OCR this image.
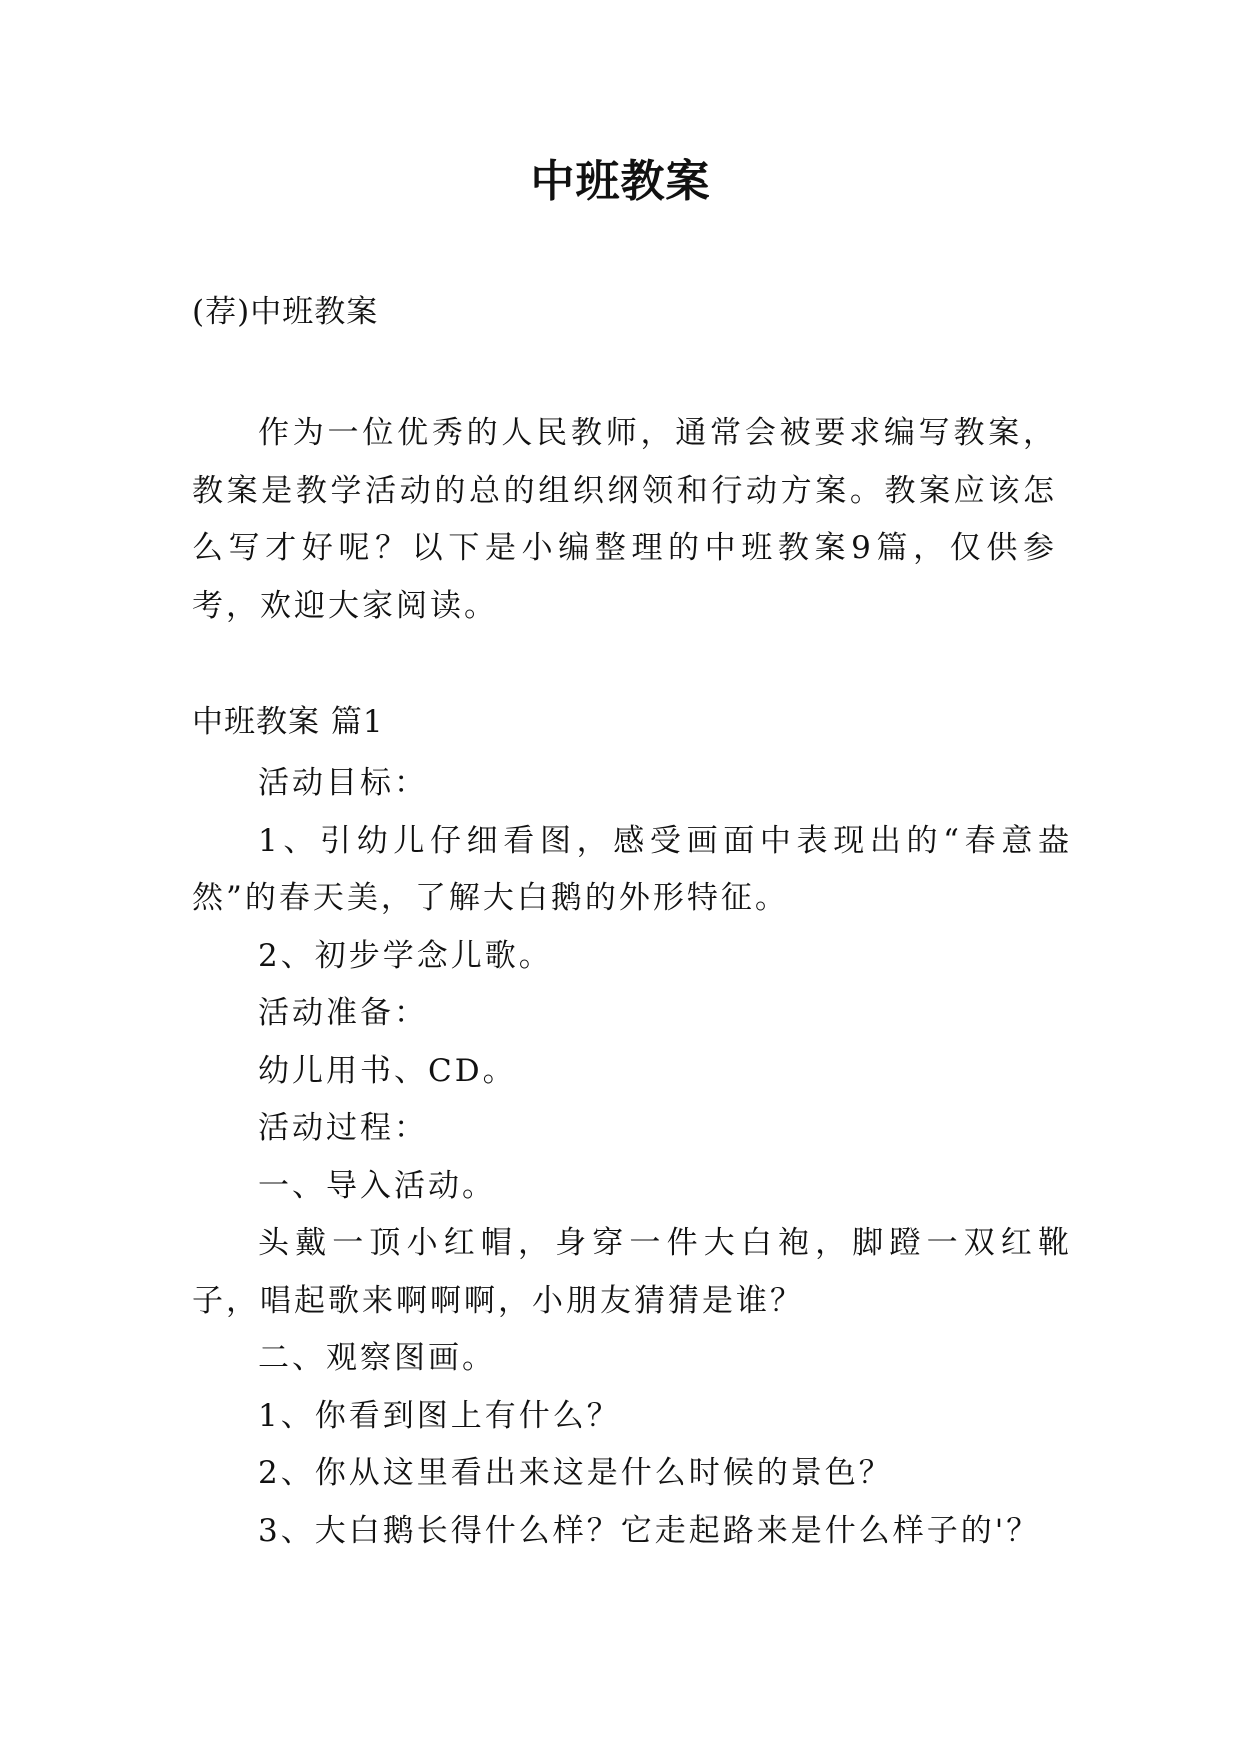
中班教案
(荐)中班教案

作为一位优秀的人民教师，通常会被要求编写教案，教案是教学活动的总的组织纲领和行动方案。教案应该怎么写才好呢？以下是小编整理的中班教案9篇，仅供参考，欢迎大家阅读。

中班教案 篇1

活动目标：

1、引幼儿仔细看图，感受画面中表现出的“春意盎然”的春天美，了解大白鹅的外形特征。

2、初步学念儿歌。

活动准备：

幼儿用书、CD。

活动过程：

一、导入活动。

头戴一顶小红帽，身穿一件大白袍，脚蹬一双红靴子，唱起歌来啊啊啊，小朋友猜猜是谁？

二、观察图画。

1、你看到图上有什么？

2、你从这里看出来这是什么时候的景色？

3、大白鹅长得什么样？它走起路来是什么样子的'？
